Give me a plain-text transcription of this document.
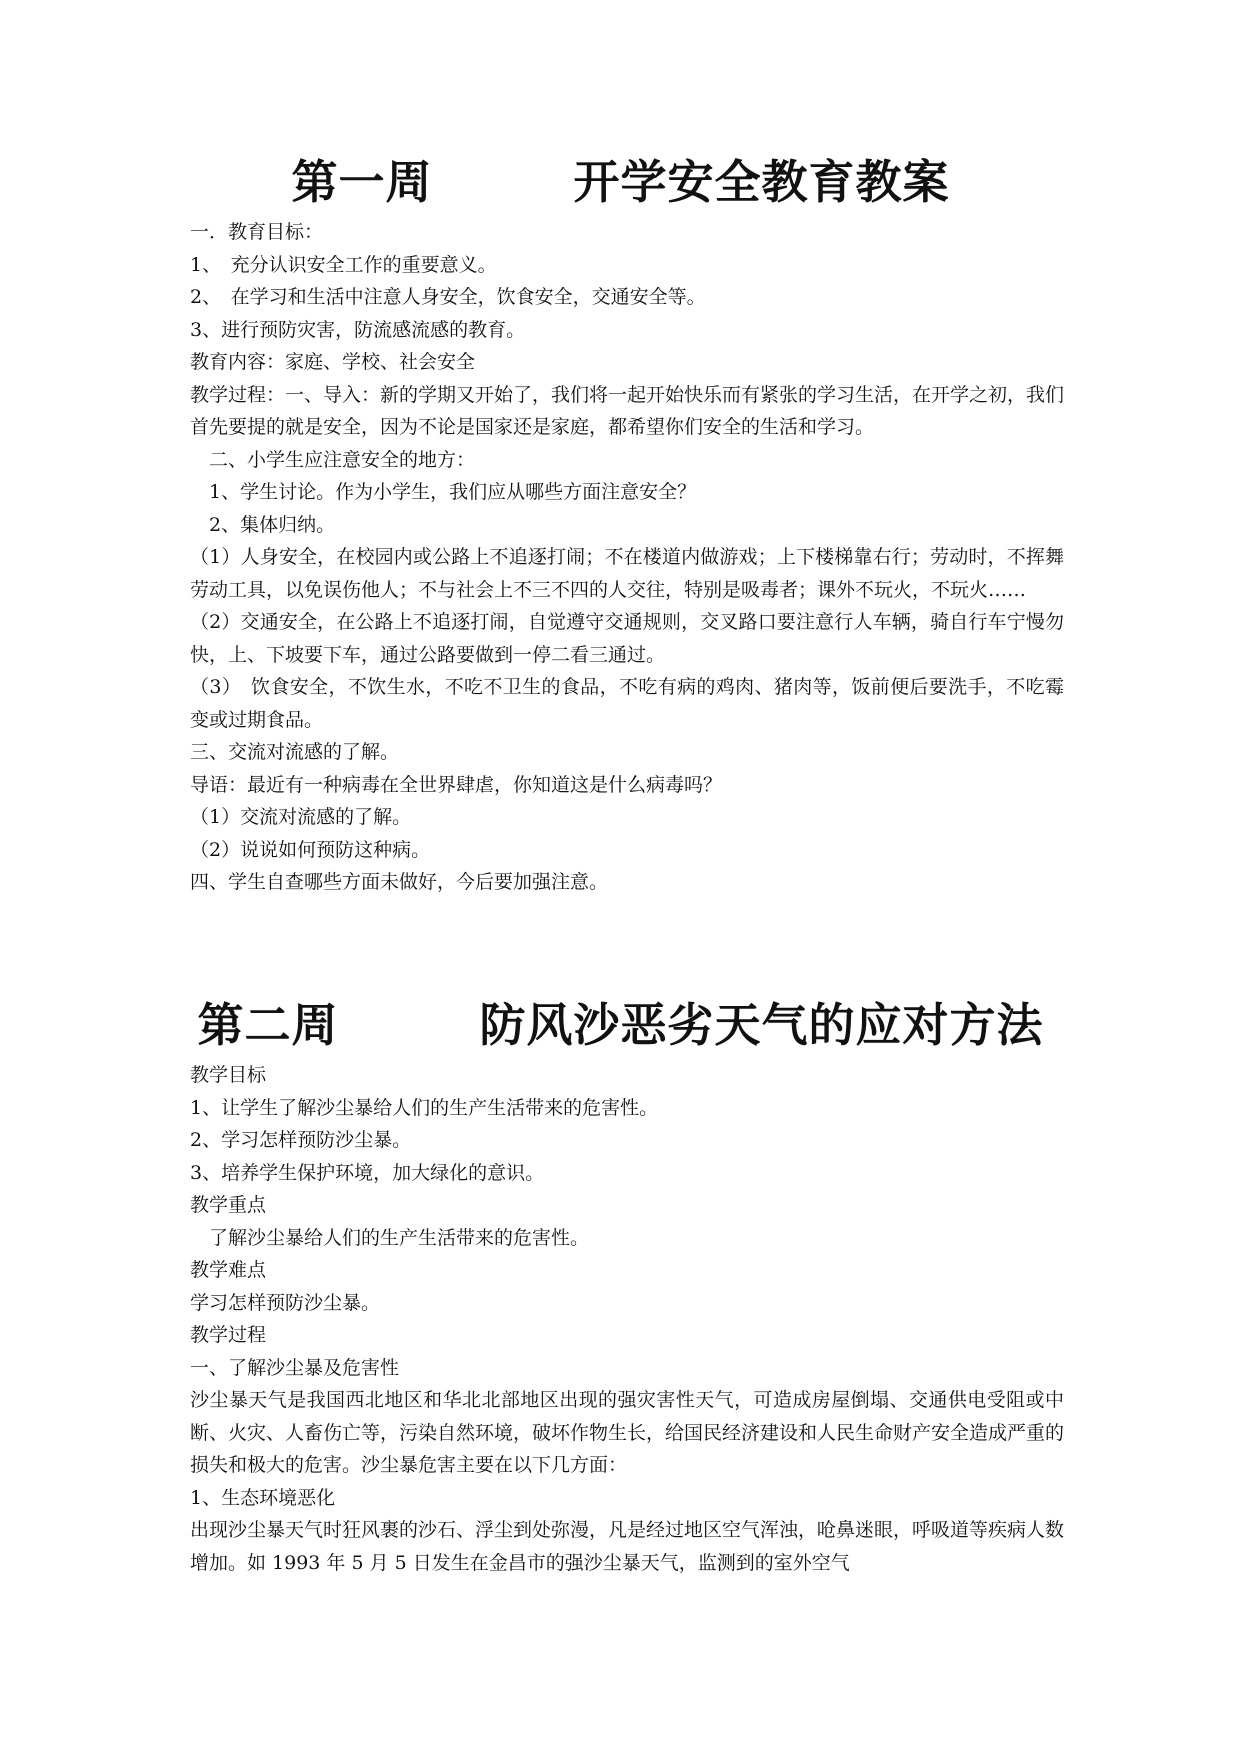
第一周　　　开学安全教育教案

一．教育目标：

1、　充分认识安全工作的重要意义。

2、　在学习和生活中注意人身安全，饮食安全，交通安全等。

3、进行预防灾害，防流感流感的教育。

教育内容：家庭、学校、社会安全

教学过程：一、导入：新的学期又开始了，我们将一起开始快乐而有紧张的学习生活，在开学之初，我们首先要提的就是安全，因为不论是国家还是家庭，都希望你们安全的生活和学习。

　二、小学生应注意安全的地方：

　1、学生讨论。作为小学生，我们应从哪些方面注意安全？

　2、集体归纳。

（1）人身安全，在校园内或公路上不追逐打闹；不在楼道内做游戏；上下楼梯靠右行；劳动时，不挥舞劳动工具，以免误伤他人；不与社会上不三不四的人交往，特别是吸毒者；课外不玩火，不玩火……

（2）交通安全，在公路上不追逐打闹，自觉遵守交通规则，交叉路口要注意行人车辆，骑自行车宁慢勿快，上、下坡要下车，通过公路要做到一停二看三通过。

（3）　饮食安全，不饮生水，不吃不卫生的食品，不吃有病的鸡肉、猪肉等，饭前便后要洗手，不吃霉变或过期食品。

三、交流对流感的了解。

导语：最近有一种病毒在全世界肆虐，你知道这是什么病毒吗？

（1）交流对流感的了解。

（2）说说如何预防这种病。

四、学生自查哪些方面未做好，今后要加强注意。

第二周　　　防风沙恶劣天气的应对方法

教学目标

1、让学生了解沙尘暴给人们的生产生活带来的危害性。

2、学习怎样预防沙尘暴。

3、培养学生保护环境，加大绿化的意识。

教学重点

　了解沙尘暴给人们的生产生活带来的危害性。

教学难点

学习怎样预防沙尘暴。

教学过程

一、了解沙尘暴及危害性

沙尘暴天气是我国西北地区和华北北部地区出现的强灾害性天气，可造成房屋倒塌、交通供电受阻或中断、火灾、人畜伤亡等，污染自然环境，破坏作物生长，给国民经济建设和人民生命财产安全造成严重的损失和极大的危害。沙尘暴危害主要在以下几方面：

1、生态环境恶化

出现沙尘暴天气时狂风裹的沙石、浮尘到处弥漫，凡是经过地区空气浑浊，呛鼻迷眼，呼吸道等疾病人数增加。如 1993 年 5 月 5 日发生在金昌市的强沙尘暴天气，监测到的室外空气
